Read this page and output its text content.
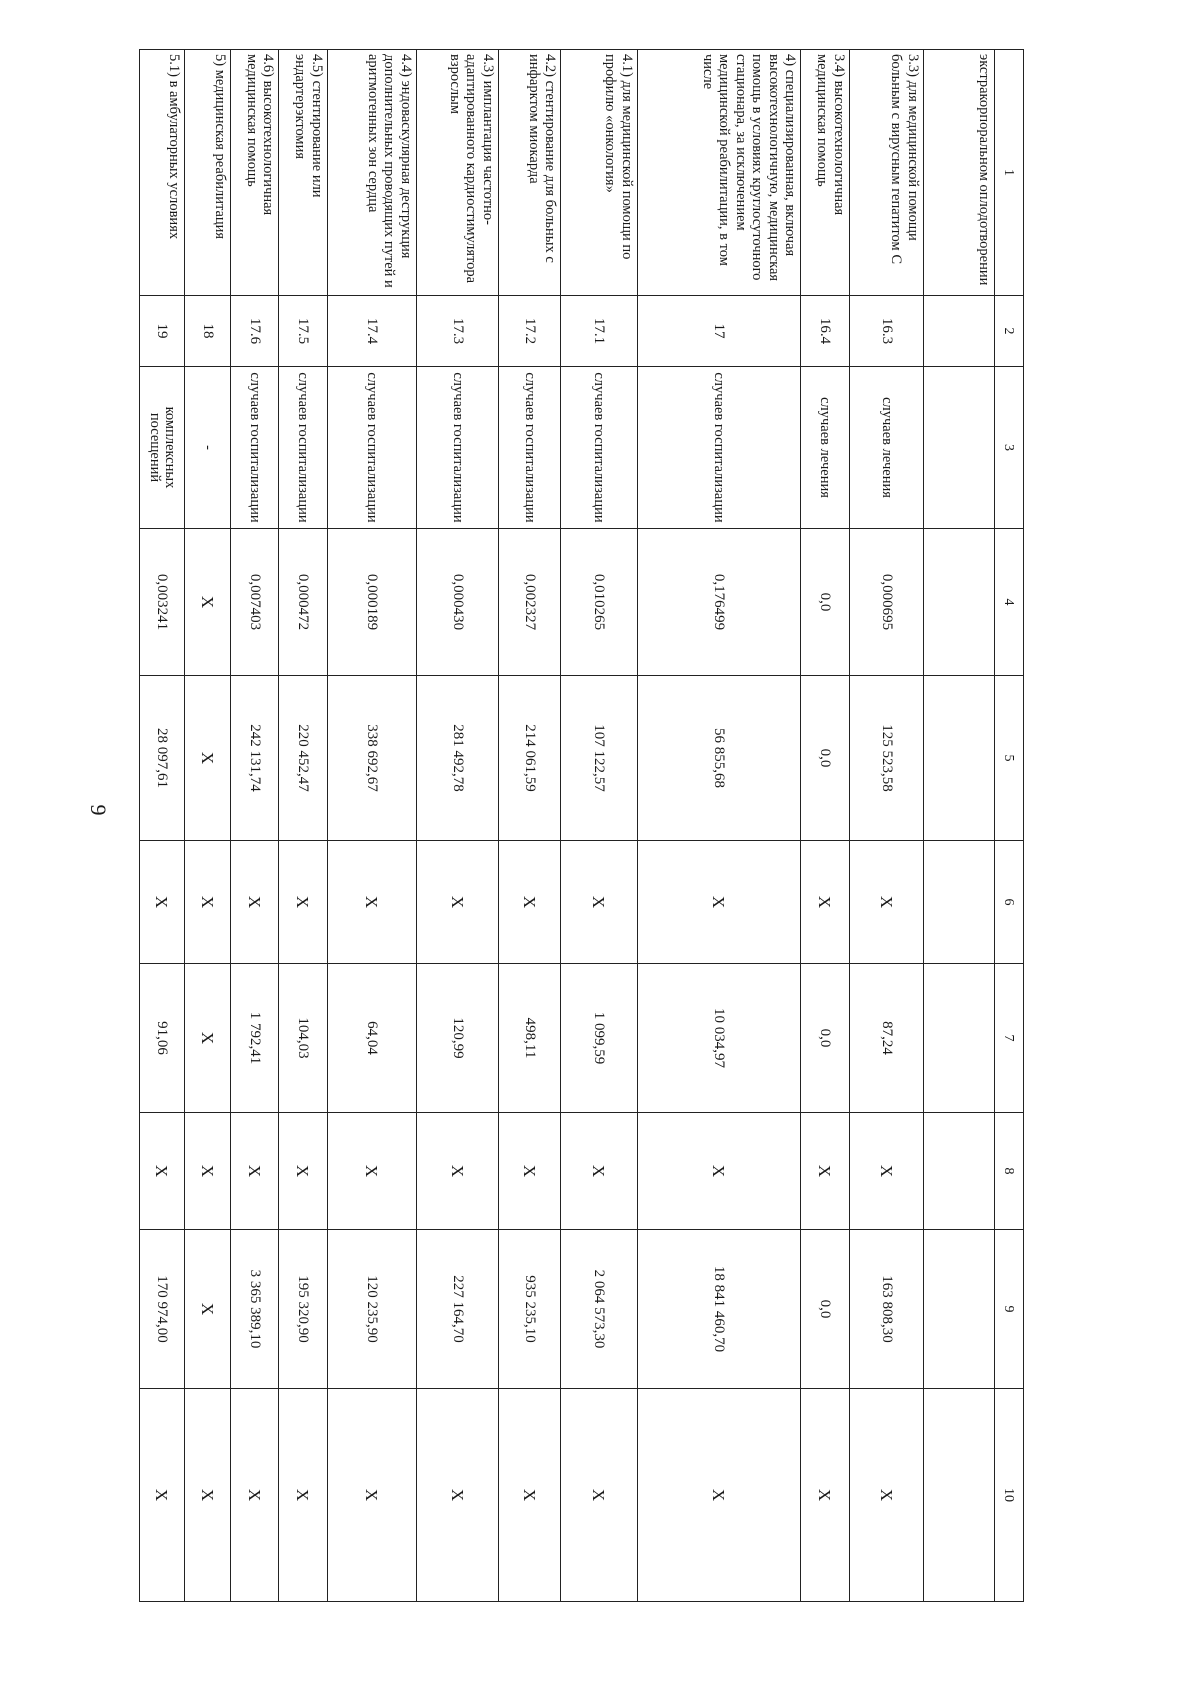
9
1	2	3	4	5	6	7	8	9	10
экстракорпоральном оплодотворении									
3.3) для медицинской помощи больным с вирусным гепатитом С	16.3	случаев лечения	0,000695	125 523,58	X	87,24	X	163 808,30	X
3.4) высокотехнологичная медицинская помощь	16.4	случаев лечения	0,0	0,0	X	0,0	X	0,0	X
4) специализированная, включая высокотехнологичную, медицинская помощь в условиях круглосуточного стационара, за исключением медицинской реабилитации, в том числе	17	случаев госпитализации	0,176499	56 855,68	X	10 034,97	X	18 841 460,70	X
4.1) для медицинской помощи по профилю «онкология»	17.1	случаев госпитализации	0,010265	107 122,57	X	1 099,59	X	2 064 573,30	X
4.2) стентирование для больных с инфарктом миокарда	17.2	случаев госпитализации	0,002327	214 061,59	X	498,11	X	935 235,10	X
4.3) имплантация частотно-адаптированного кардиостимулятора взрослым	17.3	случаев госпитализации	0,000430	281 492,78	X	120,99	X	227 164,70	X
4.4) эндоваскулярная деструкция дополнительных проводящих путей и аритмогенных зон сердца	17.4	случаев госпитализации	0,000189	338 692,67	X	64,04	X	120 235,90	X
4.5) стентирование или эндартерэктомия	17.5	случаев госпитализации	0,000472	220 452,47	X	104,03	X	195 320,90	X
4.6) высокотехнологичная медицинская помощь	17.6	случаев госпитализации	0,007403	242 131,74	X	1 792,41	X	3 365 389,10	X
5) медицинская реабилитация	18	-	X	X	X	X	X	X	X
5.1) в амбулаторных условиях	19	комплексных посещений	0,003241	28 097,61	X	91,06	X	170 974,00	X
